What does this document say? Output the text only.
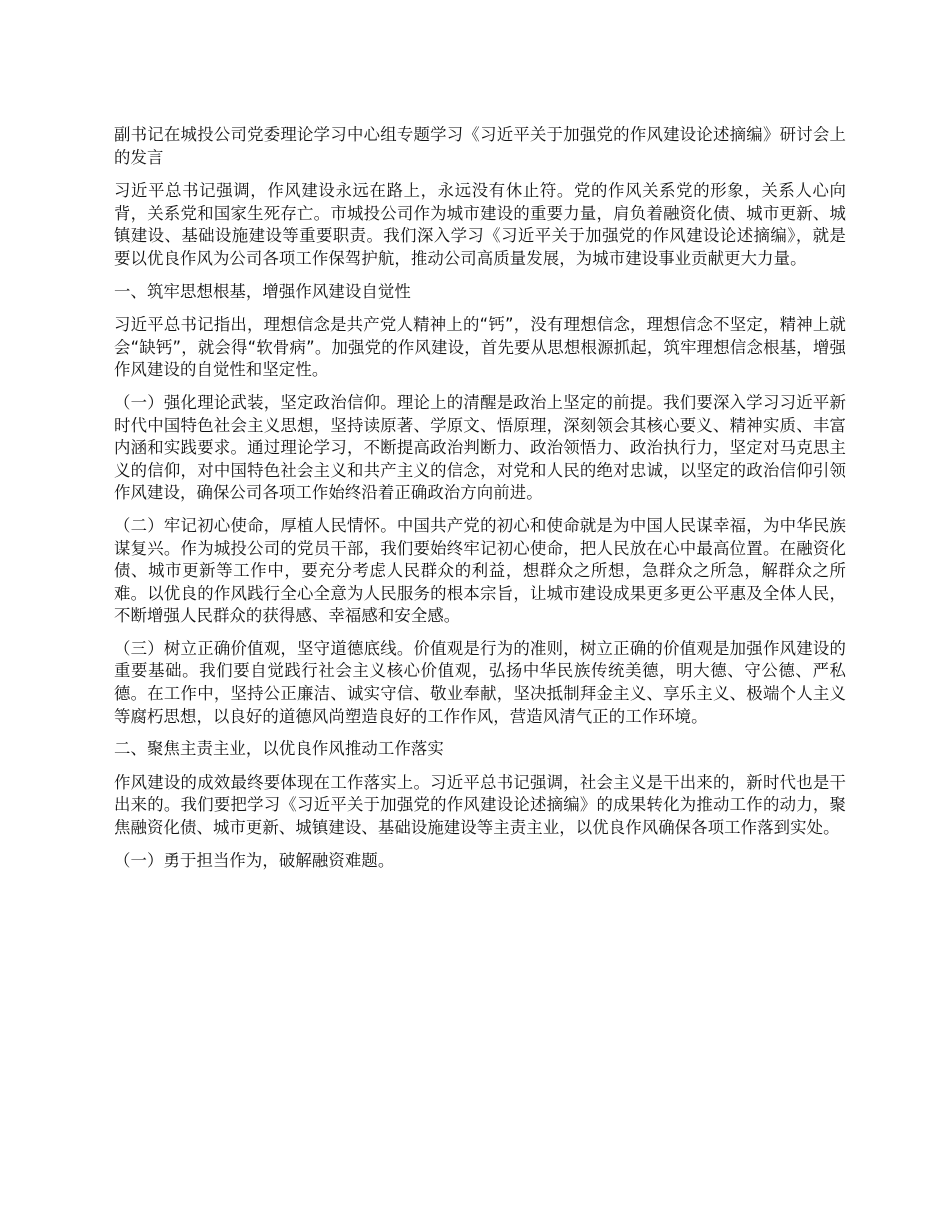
副书记在城投公司党委理论学习中心组专题学习《习近平关于加强党的作风建设论述摘编》研讨会上的发言

习近平总书记强调，作风建设永远在路上，永远没有休止符。党的作风关系党的形象，关系人心向背，关系党和国家生死存亡。市城投公司作为城市建设的重要力量，肩负着融资化债、城市更新、城镇建设、基础设施建设等重要职责。我们深入学习《习近平关于加强党的作风建设论述摘编》，就是要以优良作风为公司各项工作保驾护航，推动公司高质量发展，为城市建设事业贡献更大力量。

一、筑牢思想根基，增强作风建设自觉性

习近平总书记指出，理想信念是共产党人精神上的“钙”，没有理想信念，理想信念不坚定，精神上就会“缺钙”，就会得“软骨病”。加强党的作风建设，首先要从思想根源抓起，筑牢理想信念根基，增强作风建设的自觉性和坚定性。

（一）强化理论武装，坚定政治信仰。理论上的清醒是政治上坚定的前提。我们要深入学习习近平新时代中国特色社会主义思想，坚持读原著、学原文、悟原理，深刻领会其核心要义、精神实质、丰富内涵和实践要求。通过理论学习，不断提高政治判断力、政治领悟力、政治执行力，坚定对马克思主义的信仰，对中国特色社会主义和共产主义的信念，对党和人民的绝对忠诚，以坚定的政治信仰引领作风建设，确保公司各项工作始终沿着正确政治方向前进。

（二）牢记初心使命，厚植人民情怀。中国共产党的初心和使命就是为中国人民谋幸福，为中华民族谋复兴。作为城投公司的党员干部，我们要始终牢记初心使命，把人民放在心中最高位置。在融资化债、城市更新等工作中，要充分考虑人民群众的利益，想群众之所想，急群众之所急，解群众之所难。以优良的作风践行全心全意为人民服务的根本宗旨，让城市建设成果更多更公平惠及全体人民，不断增强人民群众的获得感、幸福感和安全感。

（三）树立正确价值观，坚守道德底线。价值观是行为的准则，树立正确的价值观是加强作风建设的重要基础。我们要自觉践行社会主义核心价值观，弘扬中华民族传统美德，明大德、守公德、严私德。在工作中，坚持公正廉洁、诚实守信、敬业奉献，坚决抵制拜金主义、享乐主义、极端个人主义等腐朽思想，以良好的道德风尚塑造良好的工作作风，营造风清气正的工作环境。

二、聚焦主责主业，以优良作风推动工作落实

作风建设的成效最终要体现在工作落实上。习近平总书记强调，社会主义是干出来的，新时代也是干出来的。我们要把学习《习近平关于加强党的作风建设论述摘编》的成果转化为推动工作的动力，聚焦融资化债、城市更新、城镇建设、基础设施建设等主责主业，以优良作风确保各项工作落到实处。

（一）勇于担当作为，破解融资难题。
